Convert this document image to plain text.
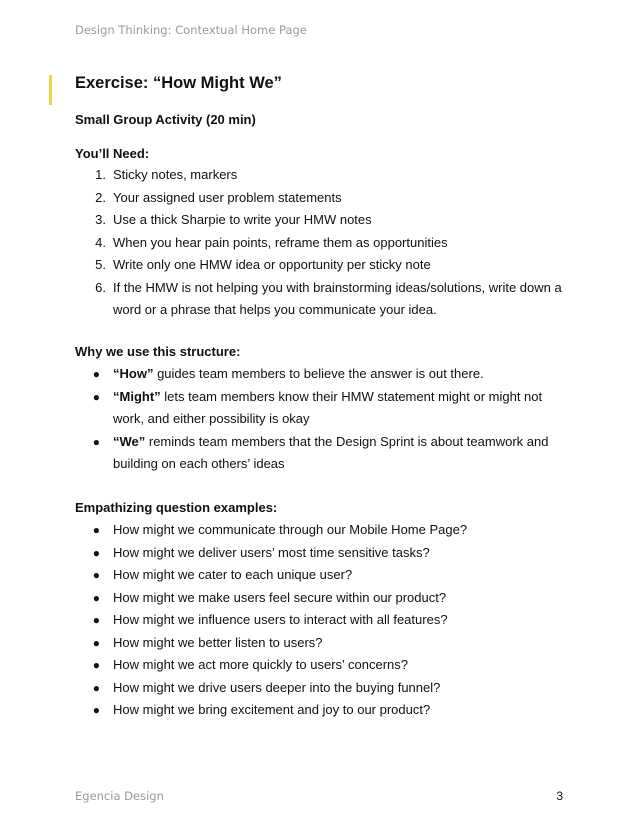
Design Thinking: Contextual Home Page
Exercise: “How Might We”
Small Group Activity (20 min)
You’ll Need:
1. Sticky notes, markers
2. Your assigned user problem statements
3. Use a thick Sharpie to write your HMW notes
4. When you hear pain points, reframe them as opportunities
5. Write only one HMW idea or opportunity per sticky note
6. If the HMW is not helping you with brainstorming ideas/solutions, write down a word or a phrase that helps you communicate your idea.
Why we use this structure:
● “How” guides team members to believe the answer is out there.
● “Might” lets team members know their HMW statement might or might not work, and either possibility is okay
● “We” reminds team members that the Design Sprint is about teamwork and building on each others’ ideas
Empathizing question examples:
● How might we communicate through our Mobile Home Page?
● How might we deliver users’ most time sensitive tasks?
● How might we cater to each unique user?
● How might we make users feel secure within our product?
● How might we influence users to interact with all features?
● How might we better listen to users?
● How might we act more quickly to users’ concerns?
● How might we drive users deeper into the buying funnel?
● How might we bring excitement and joy to our product?
Egencia Design	3
